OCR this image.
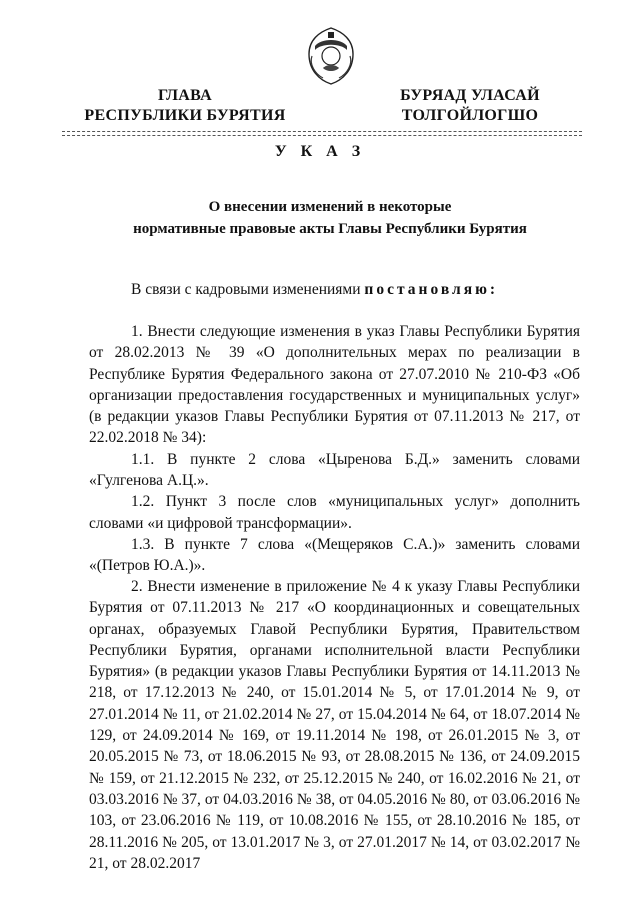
ГЛАВА
РЕСПУБЛИКИ БУРЯТИЯ
БУРЯАД УЛАСАЙ
ТОЛГОЙЛОГШО
У К А З
О внесении изменений в некоторые
нормативные правовые акты Главы Республики Бурятия

В связи с кадровыми изменениями постановляю:

1. Внести следующие изменения в указ Главы Республики Бурятия от 28.02.2013 № 39 «О дополнительных мерах по реализации в Республике Бурятия Федерального закона от 27.07.2010 № 210-ФЗ «Об организации предоставления государственных и муниципальных услуг» (в редакции указов Главы Республики Бурятия от 07.11.2013 № 217, от 22.02.2018 № 34):

1.1. В пункте 2 слова «Цыренова Б.Д.» заменить словами «Гулгенова А.Ц.».

1.2. Пункт 3 после слов «муниципальных услуг» дополнить словами «и цифровой трансформации».

1.3. В пункте 7 слова «(Мещеряков С.А.)» заменить словами «(Петров Ю.А.)».

2. Внести изменение в приложение № 4 к указу Главы Республики Бурятия от 07.11.2013 № 217 «О координационных и совещательных органах, образуемых Главой Республики Бурятия, Правительством Республики Бурятия, органами исполнительной власти Республики Бурятия» (в редакции указов Главы Республики Бурятия от 14.11.2013 № 218, от 17.12.2013 № 240, от 15.01.2014 № 5, от 17.01.2014 № 9, от 27.01.2014 № 11, от 21.02.2014 № 27, от 15.04.2014 № 64, от 18.07.2014 № 129, от 24.09.2014 № 169, от 19.11.2014 № 198, от 26.01.2015 № 3, от 20.05.2015 № 73, от 18.06.2015 № 93, от 28.08.2015 № 136, от 24.09.2015 № 159, от 21.12.2015 № 232, от 25.12.2015 № 240, от 16.02.2016 № 21, от 03.03.2016 № 37, от 04.03.2016 № 38, от 04.05.2016 № 80, от 03.06.2016 № 103, от 23.06.2016 № 119, от 10.08.2016 № 155, от 28.10.2016 № 185, от 28.11.2016 № 205, от 13.01.2017 № 3, от 27.01.2017 № 14, от 03.02.2017 № 21, от 28.02.2017
